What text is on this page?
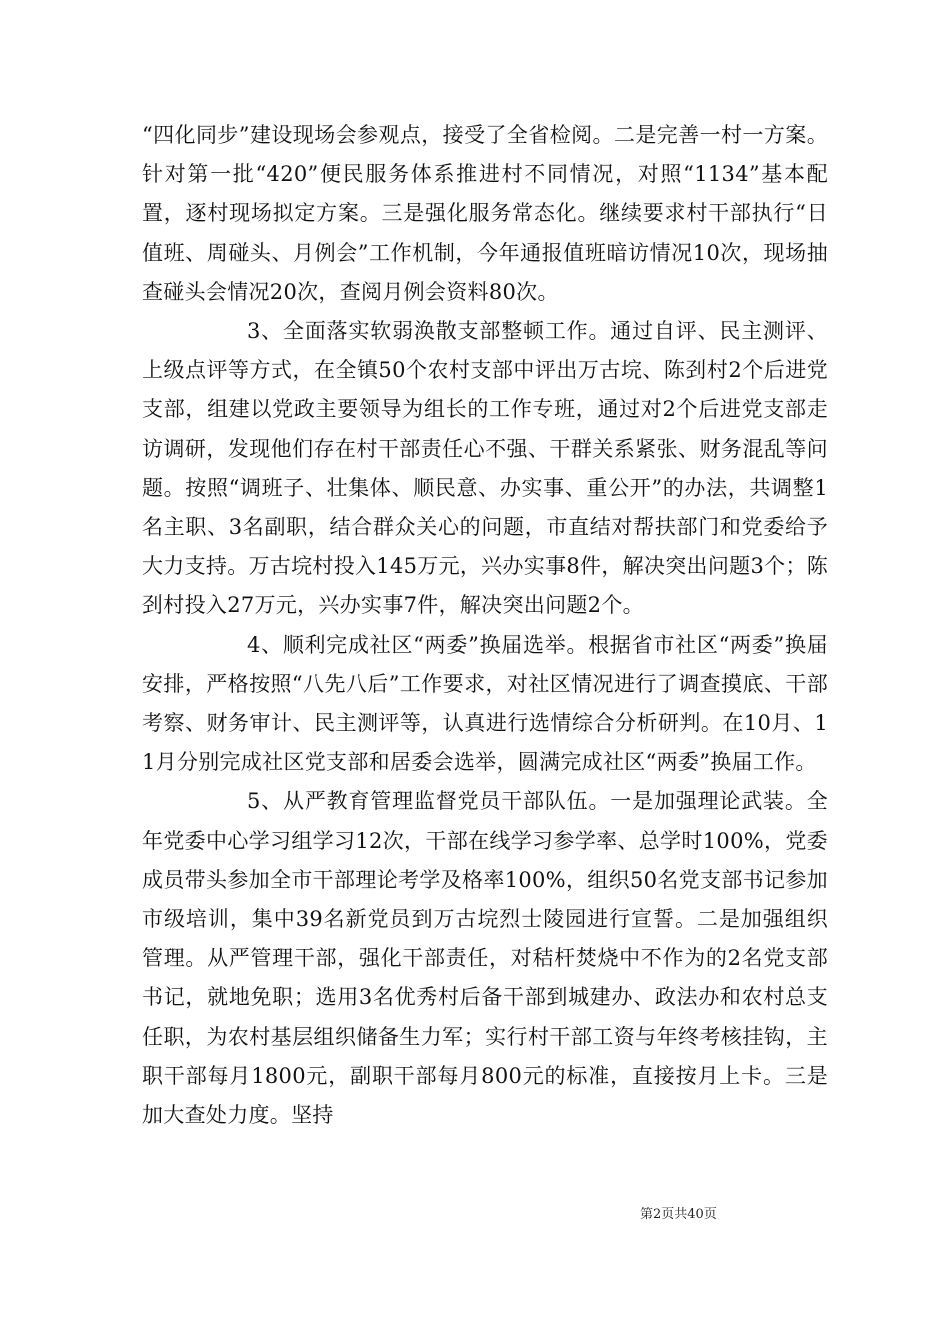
“四化同步”建设现场会参观点，接受了全省检阅。二是完善一村一方案。针对第一批“420”便民服务体系推进村不同情况，对照“1134”基本配置，逐村现场拟定方案。三是强化服务常态化。继续要求村干部执行“日值班、周碰头、月例会”工作机制，今年通报值班暗访情况10次，现场抽查碰头会情况20次，查阅月例会资料80次。

3、全面落实软弱涣散支部整顿工作。通过自评、民主测评、上级点评等方式，在全镇50个农村支部中评出万古垸、陈刭村2个后进党支部，组建以党政主要领导为组长的工作专班，通过对2个后进党支部走访调研，发现他们存在村干部责任心不强、干群关系紧张、财务混乱等问题。按照“调班子、壮集体、顺民意、办实事、重公开”的办法，共调整1名主职、3名副职，结合群众关心的问题，市直结对帮扶部门和党委给予大力支持。万古垸村投入145万元，兴办实事8件，解决突出问题3个；陈刭村投入27万元，兴办实事7件，解决突出问题2个。

4、顺利完成社区“两委”换届选举。根据省市社区“两委”换届安排，严格按照“八先八后”工作要求，对社区情况进行了调查摸底、干部考察、财务审计、民主测评等，认真进行选情综合分析研判。在10月、11月分别完成社区党支部和居委会选举，圆满完成社区“两委”换届工作。

5、从严教育管理监督党员干部队伍。一是加强理论武装。全年党委中心学习组学习12次，干部在线学习参学率、总学时100%，党委成员带头参加全市干部理论考学及格率100%，组织50名党支部书记参加市级培训，集中39名新党员到万古垸烈士陵园进行宣誓。二是加强组织管理。从严管理干部，强化干部责任，对秸杆焚烧中不作为的2名党支部书记，就地免职；选用3名优秀村后备干部到城建办、政法办和农村总支任职，为农村基层组织储备生力军；实行村干部工资与年终考核挂钩，主职干部每月1800元，副职干部每月800元的标准，直接按月上卡。三是加大查处力度。坚持

第2页共40页
